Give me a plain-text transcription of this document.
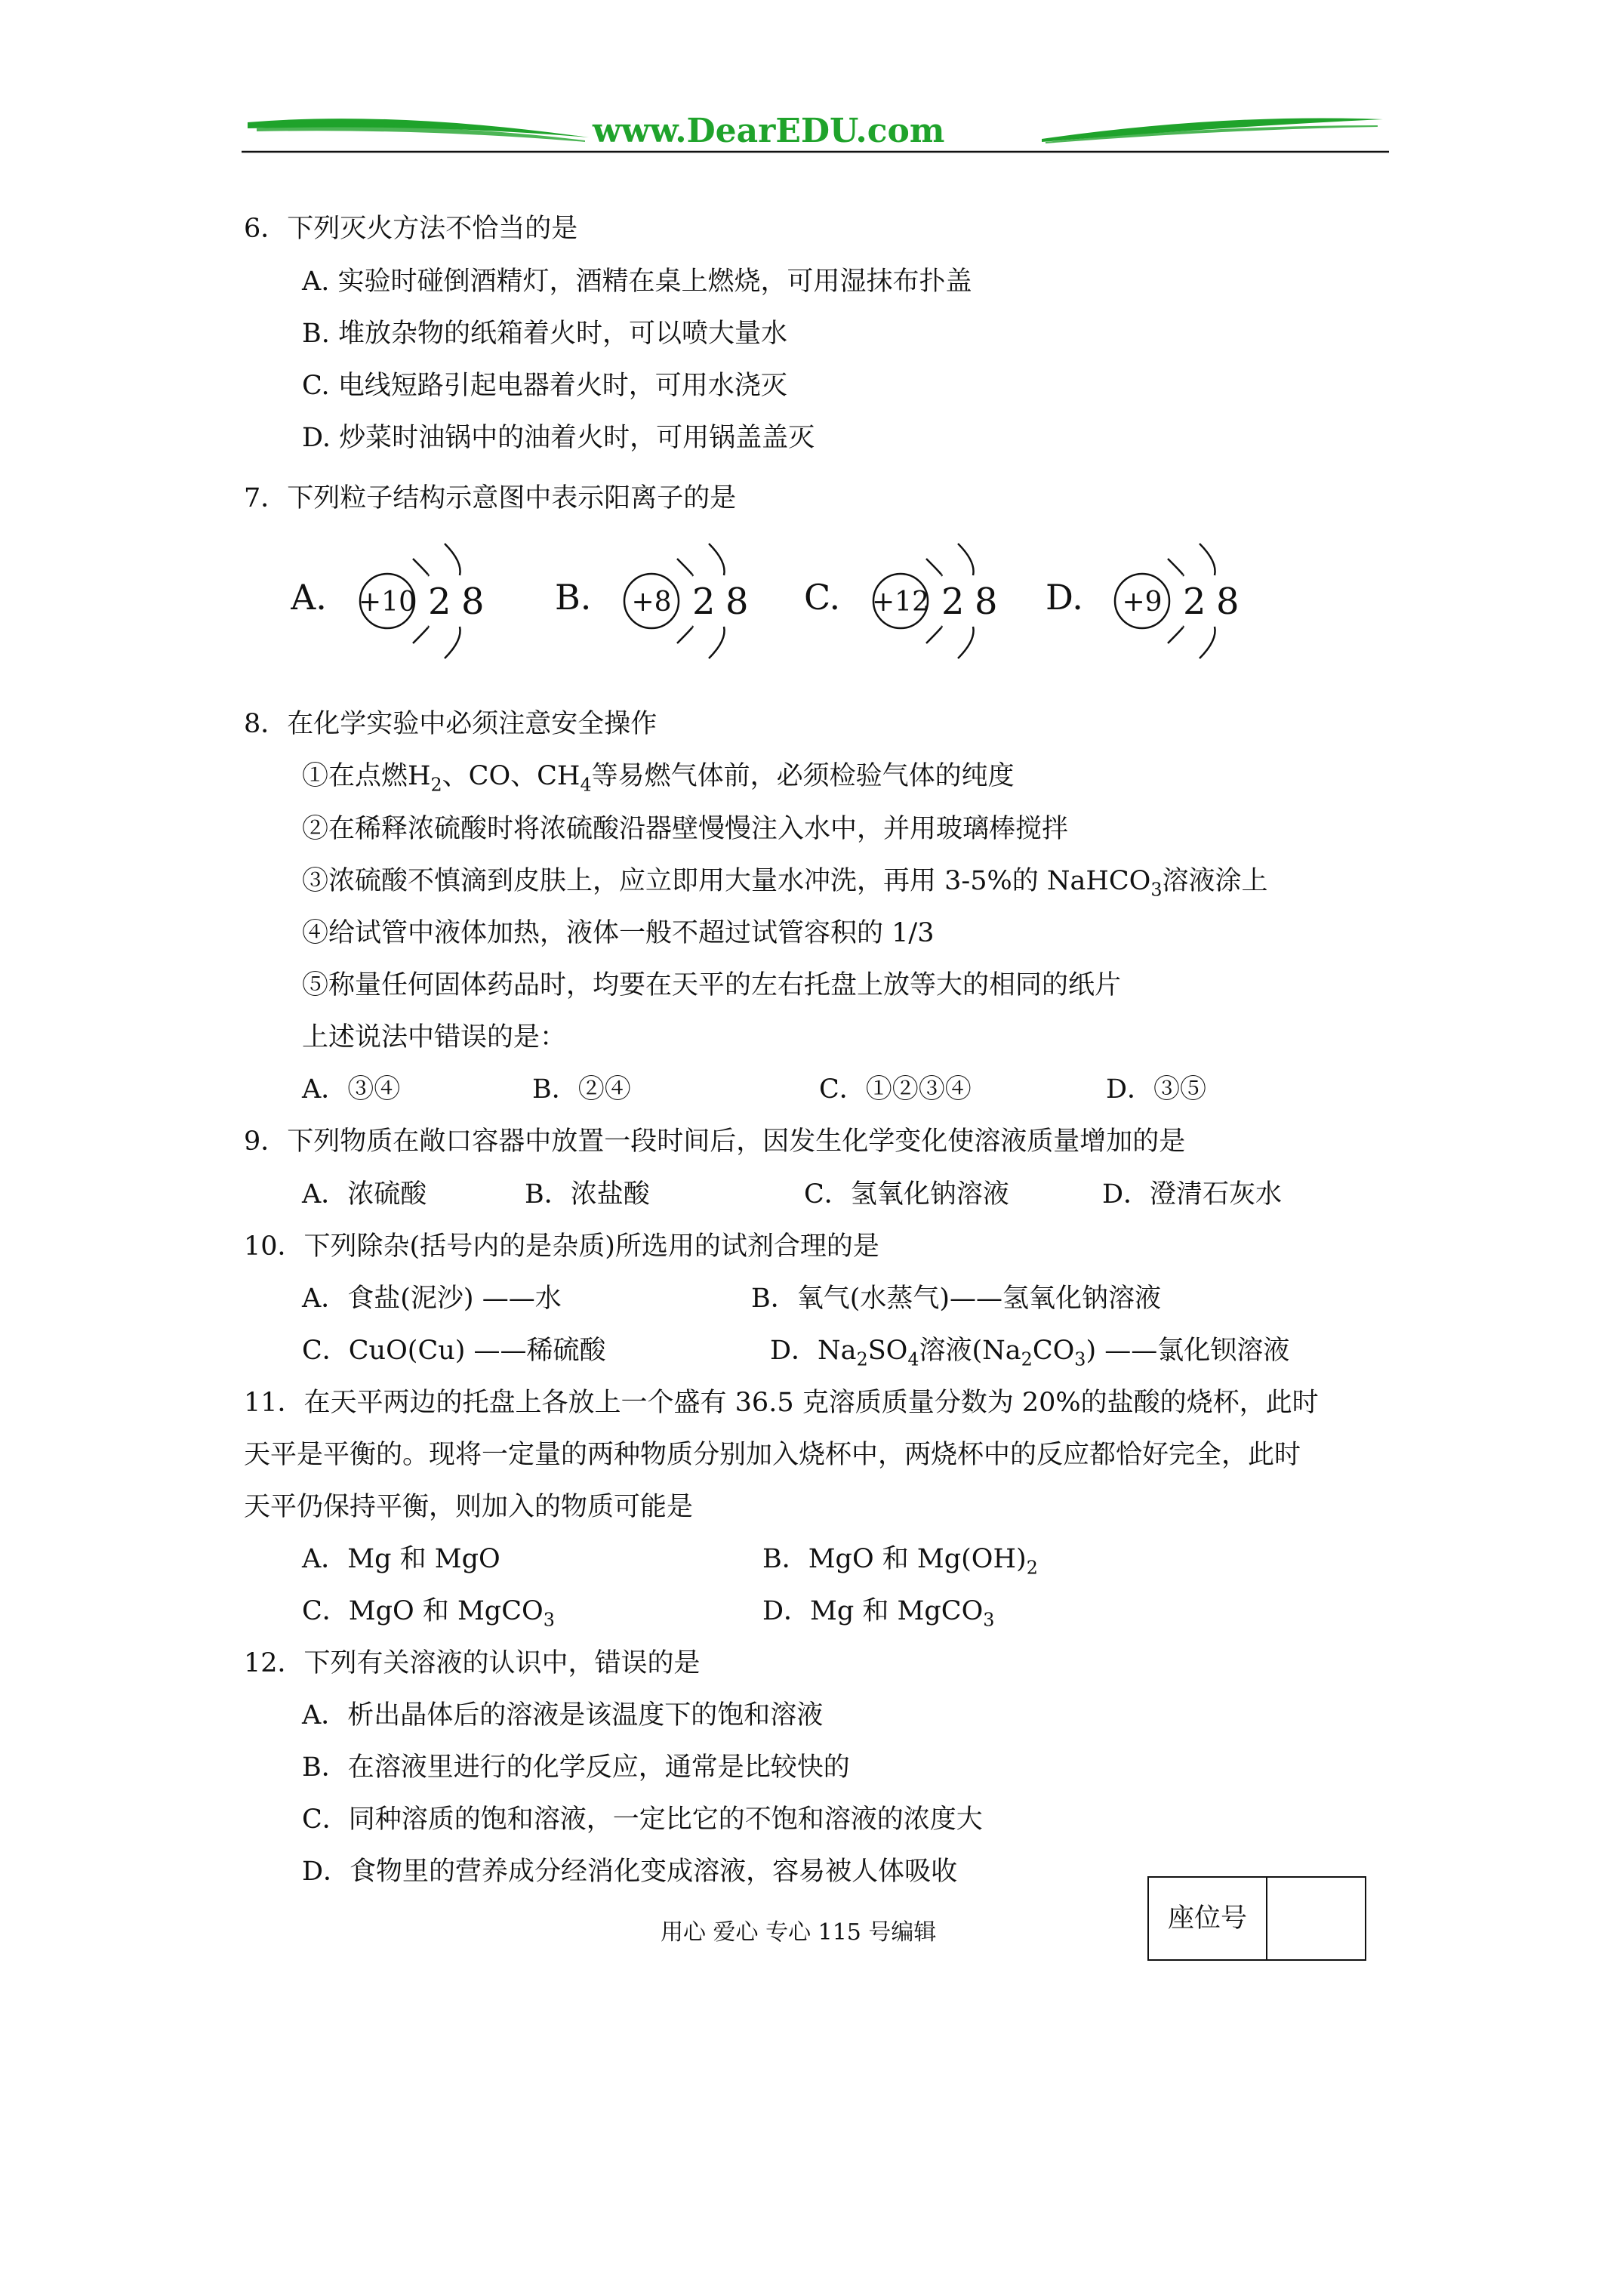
www.DearEDU.com
6．下列灭火方法不恰当的是
A. 实验时碰倒酒精灯，酒精在桌上燃烧，可用湿抹布扑盖
B. 堆放杂物的纸箱着火时，可以喷大量水
C. 电线短路引起电器着火时，可用水浇灭
D. 炒菜时油锅中的油着火时，可用锅盖盖灭
7．下列粒子结构示意图中表示阳离子的是
A. +10 2 8 B. +8 2 8 C. +12 2 8 D. +9 2 8
8．在化学实验中必须注意安全操作
①在点燃$H_2$、CO、$CH_4$等易燃气体前，必须检验气体的纯度
②在稀释浓硫酸时将浓硫酸沿器壁慢慢注入水中，并用玻璃棒搅拌
③浓硫酸不慎滴到皮肤上，应立即用大量水冲洗，再用 3-5%的 NaHCO$_3$溶液涂上
④给试管中液体加热，液体一般不超过试管容积的 1/3
⑤称量任何固体药品时，均要在天平的左右托盘上放等大的相同的纸片
上述说法中错误的是：
A．③④	B．②④	C．①②③④	D．③⑤
9．下列物质在敞口容器中放置一段时间后，因发生化学变化使溶液质量增加的是
A．浓硫酸	B．浓盐酸	C．氢氧化钠溶液	D．澄清石灰水
10．下列除杂(括号内的是杂质)所选用的试剂合理的是
A．食盐(泥沙) ——水	B．氧气(水蒸气)——氢氧化钠溶液
C．CuO(Cu) ——稀硫酸	D．$Na_2SO_4$溶液$(Na_2CO_3)$ ——氯化钡溶液
11．在天平两边的托盘上各放上一个盛有 36.5 克溶质质量分数为 20%的盐酸的烧杯，此时
天平是平衡的。现将一定量的两种物质分别加入烧杯中，两烧杯中的反应都恰好完全，此时
天平仍保持平衡，则加入的物质可能是
A．Mg 和 MgO	B．MgO 和 $Mg(OH)_2$
C．MgO 和 MgCO$_3$	D．Mg 和 MgCO$_3$
12．下列有关溶液的认识中，错误的是
A．析出晶体后的溶液是该温度下的饱和溶液
B．在溶液里进行的化学反应，通常是比较快的
C．同种溶质的饱和溶液，一定比它的不饱和溶液的浓度大
D．食物里的营养成分经消化变成溶液，容易被人体吸收
座位号
用心 爱心 专心 115 号编辑
